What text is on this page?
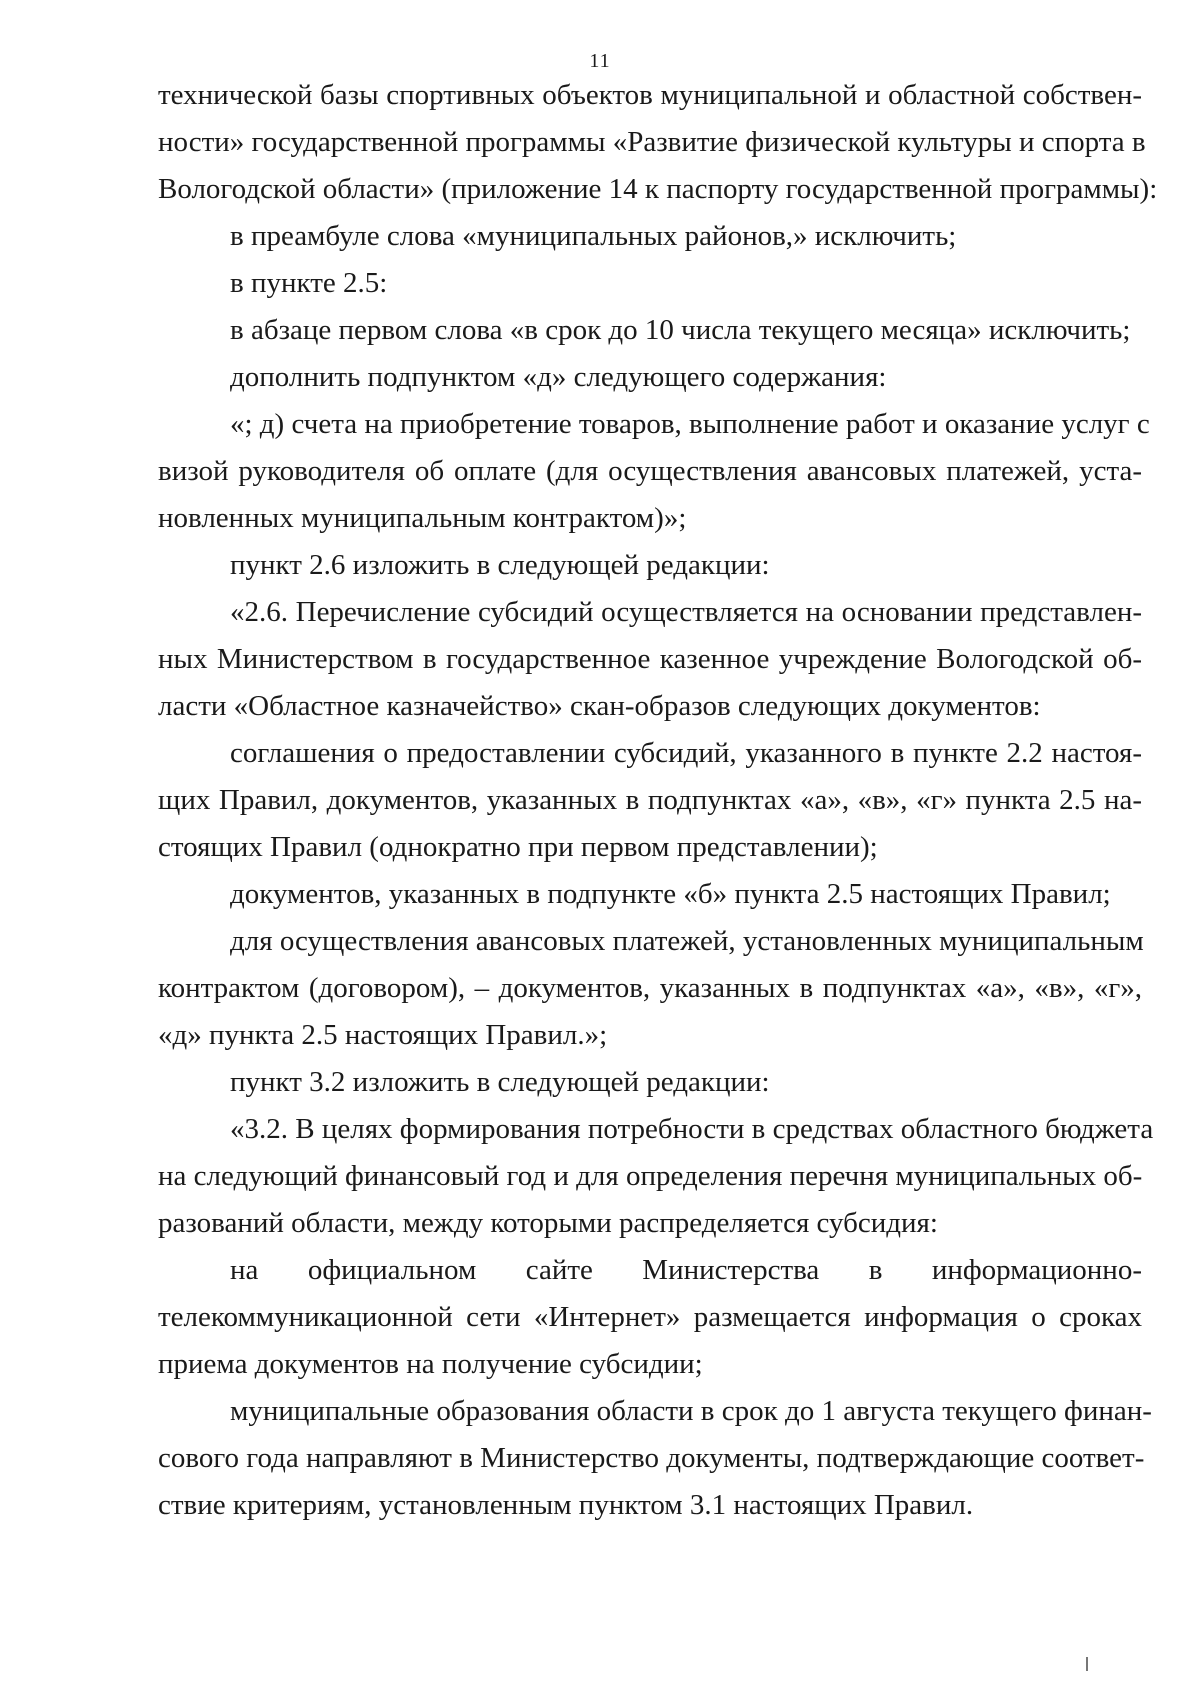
11
технической базы спортивных объектов муниципальной и областной собствен-
ности» государственной программы «Развитие физической культуры и спорта в
Вологодской области» (приложение 14 к паспорту государственной программы):
в преамбуле слова «муниципальных районов,» исключить;
в пункте 2.5:
в абзаце первом слова «в срок до 10 числа текущего месяца» исключить;
дополнить подпунктом «д» следующего содержания:
«; д) счета на приобретение товаров, выполнение работ и оказание услуг с
визой руководителя об оплате (для осуществления авансовых платежей, уста-
новленных муниципальным контрактом)»;
пункт 2.6 изложить в следующей редакции:
«2.6. Перечисление субсидий осуществляется на основании представлен-
ных Министерством в государственное казенное учреждение Вологодской об-
ласти «Областное казначейство» скан-образов следующих документов:
соглашения о предоставлении субсидий, указанного в пункте 2.2 настоя-
щих Правил, документов, указанных в подпунктах «а», «в», «г» пункта 2.5 на-
стоящих Правил (однократно при первом представлении);
документов, указанных в подпункте «б» пункта 2.5 настоящих Правил;
для осуществления авансовых платежей, установленных муниципальным
контрактом (договором), – документов, указанных в подпунктах «а», «в», «г»,
«д» пункта 2.5 настоящих Правил.»;
пункт 3.2 изложить в следующей редакции:
«3.2. В целях формирования потребности в средствах областного бюджета
на следующий финансовый год и для определения перечня муниципальных об-
разований области, между которыми распределяется субсидия:
на официальном сайте Министерства в информационно-
телекоммуникационной сети «Интернет» размещается информация о сроках
приема документов на получение субсидии;
муниципальные образования области в срок до 1 августа текущего финан-
сового года направляют в Министерство документы, подтверждающие соответ-
ствие критериям, установленным пунктом 3.1 настоящих Правил.
